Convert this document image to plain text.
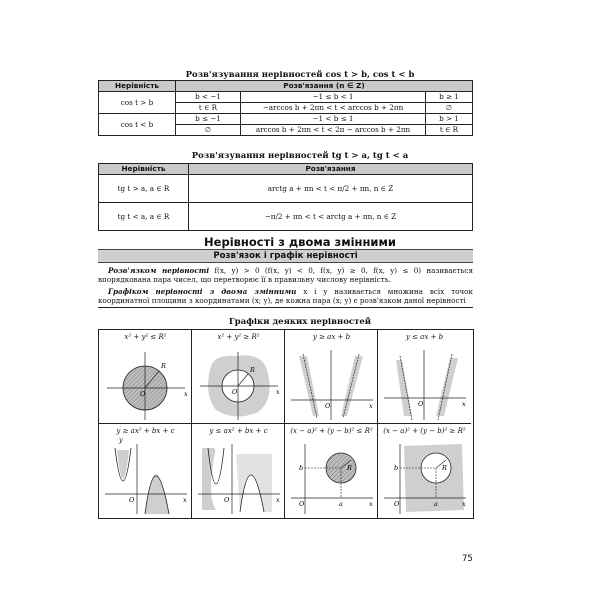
Розв'язування нерівностей cos t > b, cos t < b
Нерівність	Розв'язання (n ∈ Z)		
cos t > b	b < −1	−1 ≤ b < 1	b ≥ 1
	t ∈ R	−arccos b + 2πn < t < arccos b + 2πn	∅
cos t < b	b ≤ −1	−1 < b ≤ 1	b > 1
	∅	arccos b + 2πn < t < 2π − arccos b + 2πn	t ∈ R
Розв'язування нерівностей tg t > a, tg t < a
Нерівність	Розв'язання
tg t > a, a ∈ R	arctg a + πn < t < π/2 + πn, n ∈ Z
tg t < a, a ∈ R	−π/2 + πn < t < arctg a + πn, n ∈ Z
Нерівності з двома змінними
Розв'язок і графік нерівності
Розв'язком нерівності f(x, y) > 0 (f(x, y) < 0, f(x, y) ≥ 0, f(x, y) ≤ 0) називається впорядкована пара чисел, що перетворює її в правильну числову нерівність.
Графіком нерівності з двома змінними x і y називається множина всіх точок координатної площини з координатами (x; y), де кожна пара (x; y) є розв'язком даної нерівності
Графіки деяких нерівностей
x² + y² ≤ R²
R
O	x
x² + y² ≥ R²
R
O	x
y ≥ ax + b
O	x
y ≤ ax + b
O	x
y ≥ ax² + bx + c
y
O	x
y ≤ ax² + bx + c
O	x
(x − a)² + (y − b)² ≤ R²
R
b
a
O	x
(x − a)² + (y − b)² ≥ R²
R
b
a
O	x
75
